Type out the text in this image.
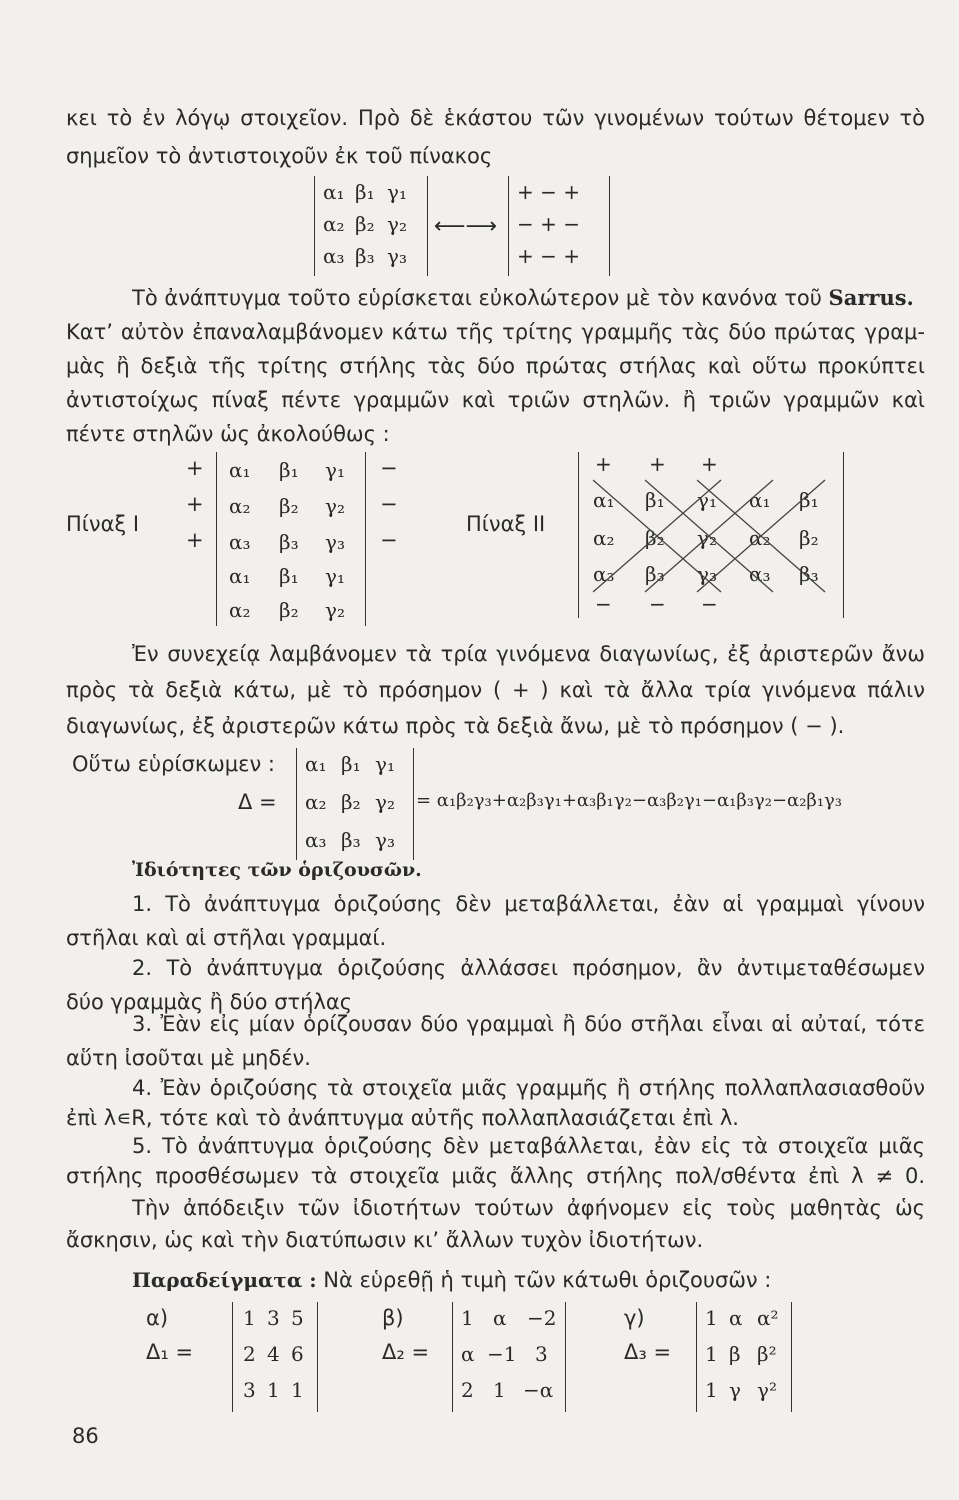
κει τὸ ἐν λόγῳ στοιχεῖον. Πρὸ δὲ ἑκάστου τῶν γινομένων τούτων θέτομεν τὸ
σημεῖον τὸ ἀντιστοιχοῦν ἐκ τοῦ πίνακος
α₁ β₁ γ₁
α₂ β₂ γ₂
α₃ β₃ γ₃
⟵⟶
+ − +
− + −
+ − +
Τὸ ἀνάπτυγμα τοῦτο εὑρίσκεται εὐκολώτερον μὲ τὸν κανόνα τοῦ Sarrus.
Κατ’ αὐτὸν ἐπαναλαμβάνομεν κάτω τῆς τρίτης γραμμῆς τὰς δύο πρώτας γραμ-
μὰς ἢ δεξιὰ τῆς τρίτης στήλης τὰς δύο πρώτας στήλας καὶ οὕτω προκύπτει
ἀντιστοίχως πίναξ πέντε γραμμῶν καὶ τριῶν στηλῶν. ἢ τριῶν γραμμῶν καὶ
πέντε στηλῶν ὡς ἀκολούθως :
Πίναξ Ι
+
+
+
α₁ β₁ γ₁
α₂ β₂ γ₂
α₃ β₃ γ₃
α₁ β₁ γ₁
α₂ β₂ γ₂
−
−
−
Πίναξ ΙΙ
+ + +
α₁ β₁ γ₁ α₁ β₁
α₂ β₂ γ₂ α₂ β₂
α₃ β₃ γ₃ α₃ β₃
− − −
Ἐν συνεχείᾳ λαμβάνομεν τὰ τρία γινόμενα διαγωνίως, ἐξ ἀριστερῶν ἄνω
πρὸς τὰ δεξιὰ κάτω, μὲ τὸ πρόσημον ( + ) καὶ τὰ ἄλλα τρία γινόμενα πάλιν
διαγωνίως, ἐξ ἀριστερῶν κάτω πρὸς τὰ δεξιὰ ἄνω, μὲ τὸ πρόσημον ( − ).
Οὕτω εὑρίσκωμεν :
Δ =
α₁ β₁ γ₁
α₂ β₂ γ₂
α₃ β₃ γ₃
= α₁β₂γ₃+α₂β₃γ₁+α₃β₁γ₂−α₃β₂γ₁−α₁β₃γ₂−α₂β₁γ₃
Ἰδιότητες τῶν ὁριζουσῶν.
1. Τὸ ἀνάπτυγμα ὁριζούσης δὲν μεταβάλλεται, ἐὰν αἱ γραμμαὶ γίνουν
στῆλαι καὶ αἱ στῆλαι γραμμαί.
2. Τὸ ἀνάπτυγμα ὁριζούσης ἀλλάσσει πρόσημον, ἂν ἀντιμεταθέσωμεν
δύο γραμμὰς ἢ δύο στήλας
3. Ἐὰν εἰς μίαν ὁρίζουσαν δύο γραμμαὶ ἢ δύο στῆλαι εἶναι αἱ αὐταί, τότε
αὕτη ἰσοῦται μὲ μηδέν.
4. Ἐὰν ὁριζούσης τὰ στοιχεῖα μιᾶς γραμμῆς ἢ στήλης πολλαπλασιασθοῦν
ἐπὶ λ∊R, τότε καὶ τὸ ἀνάπτυγμα αὐτῆς πολλαπλασιάζεται ἐπὶ λ.
5. Τὸ ἀνάπτυγμα ὁριζούσης δὲν μεταβάλλεται, ἐὰν εἰς τὰ στοιχεῖα μιᾶς
στήλης προσθέσωμεν τὰ στοιχεῖα μιᾶς ἄλλης στήλης πολ/σθέντα ἐπὶ λ ≠ 0.
Τὴν ἀπόδειξιν τῶν ἰδιοτήτων τούτων ἀφήνομεν εἰς τοὺς μαθητὰς ὡς
ἄσκησιν, ὡς καὶ τὴν διατύπωσιν κι’ ἄλλων τυχὸν ἰδιοτήτων.
Παραδείγματα : Νὰ εὑρεθῇ ἡ τιμὴ τῶν κάτωθι ὁριζουσῶν :
α)
Δ₁ =
1 3 5
2 4 6
3 1 1
β)
Δ₂ =
1 α −2
α −1 3
2 1 −α
γ)
Δ₃ =
1 α α²
1 β β²
1 γ γ²
86
